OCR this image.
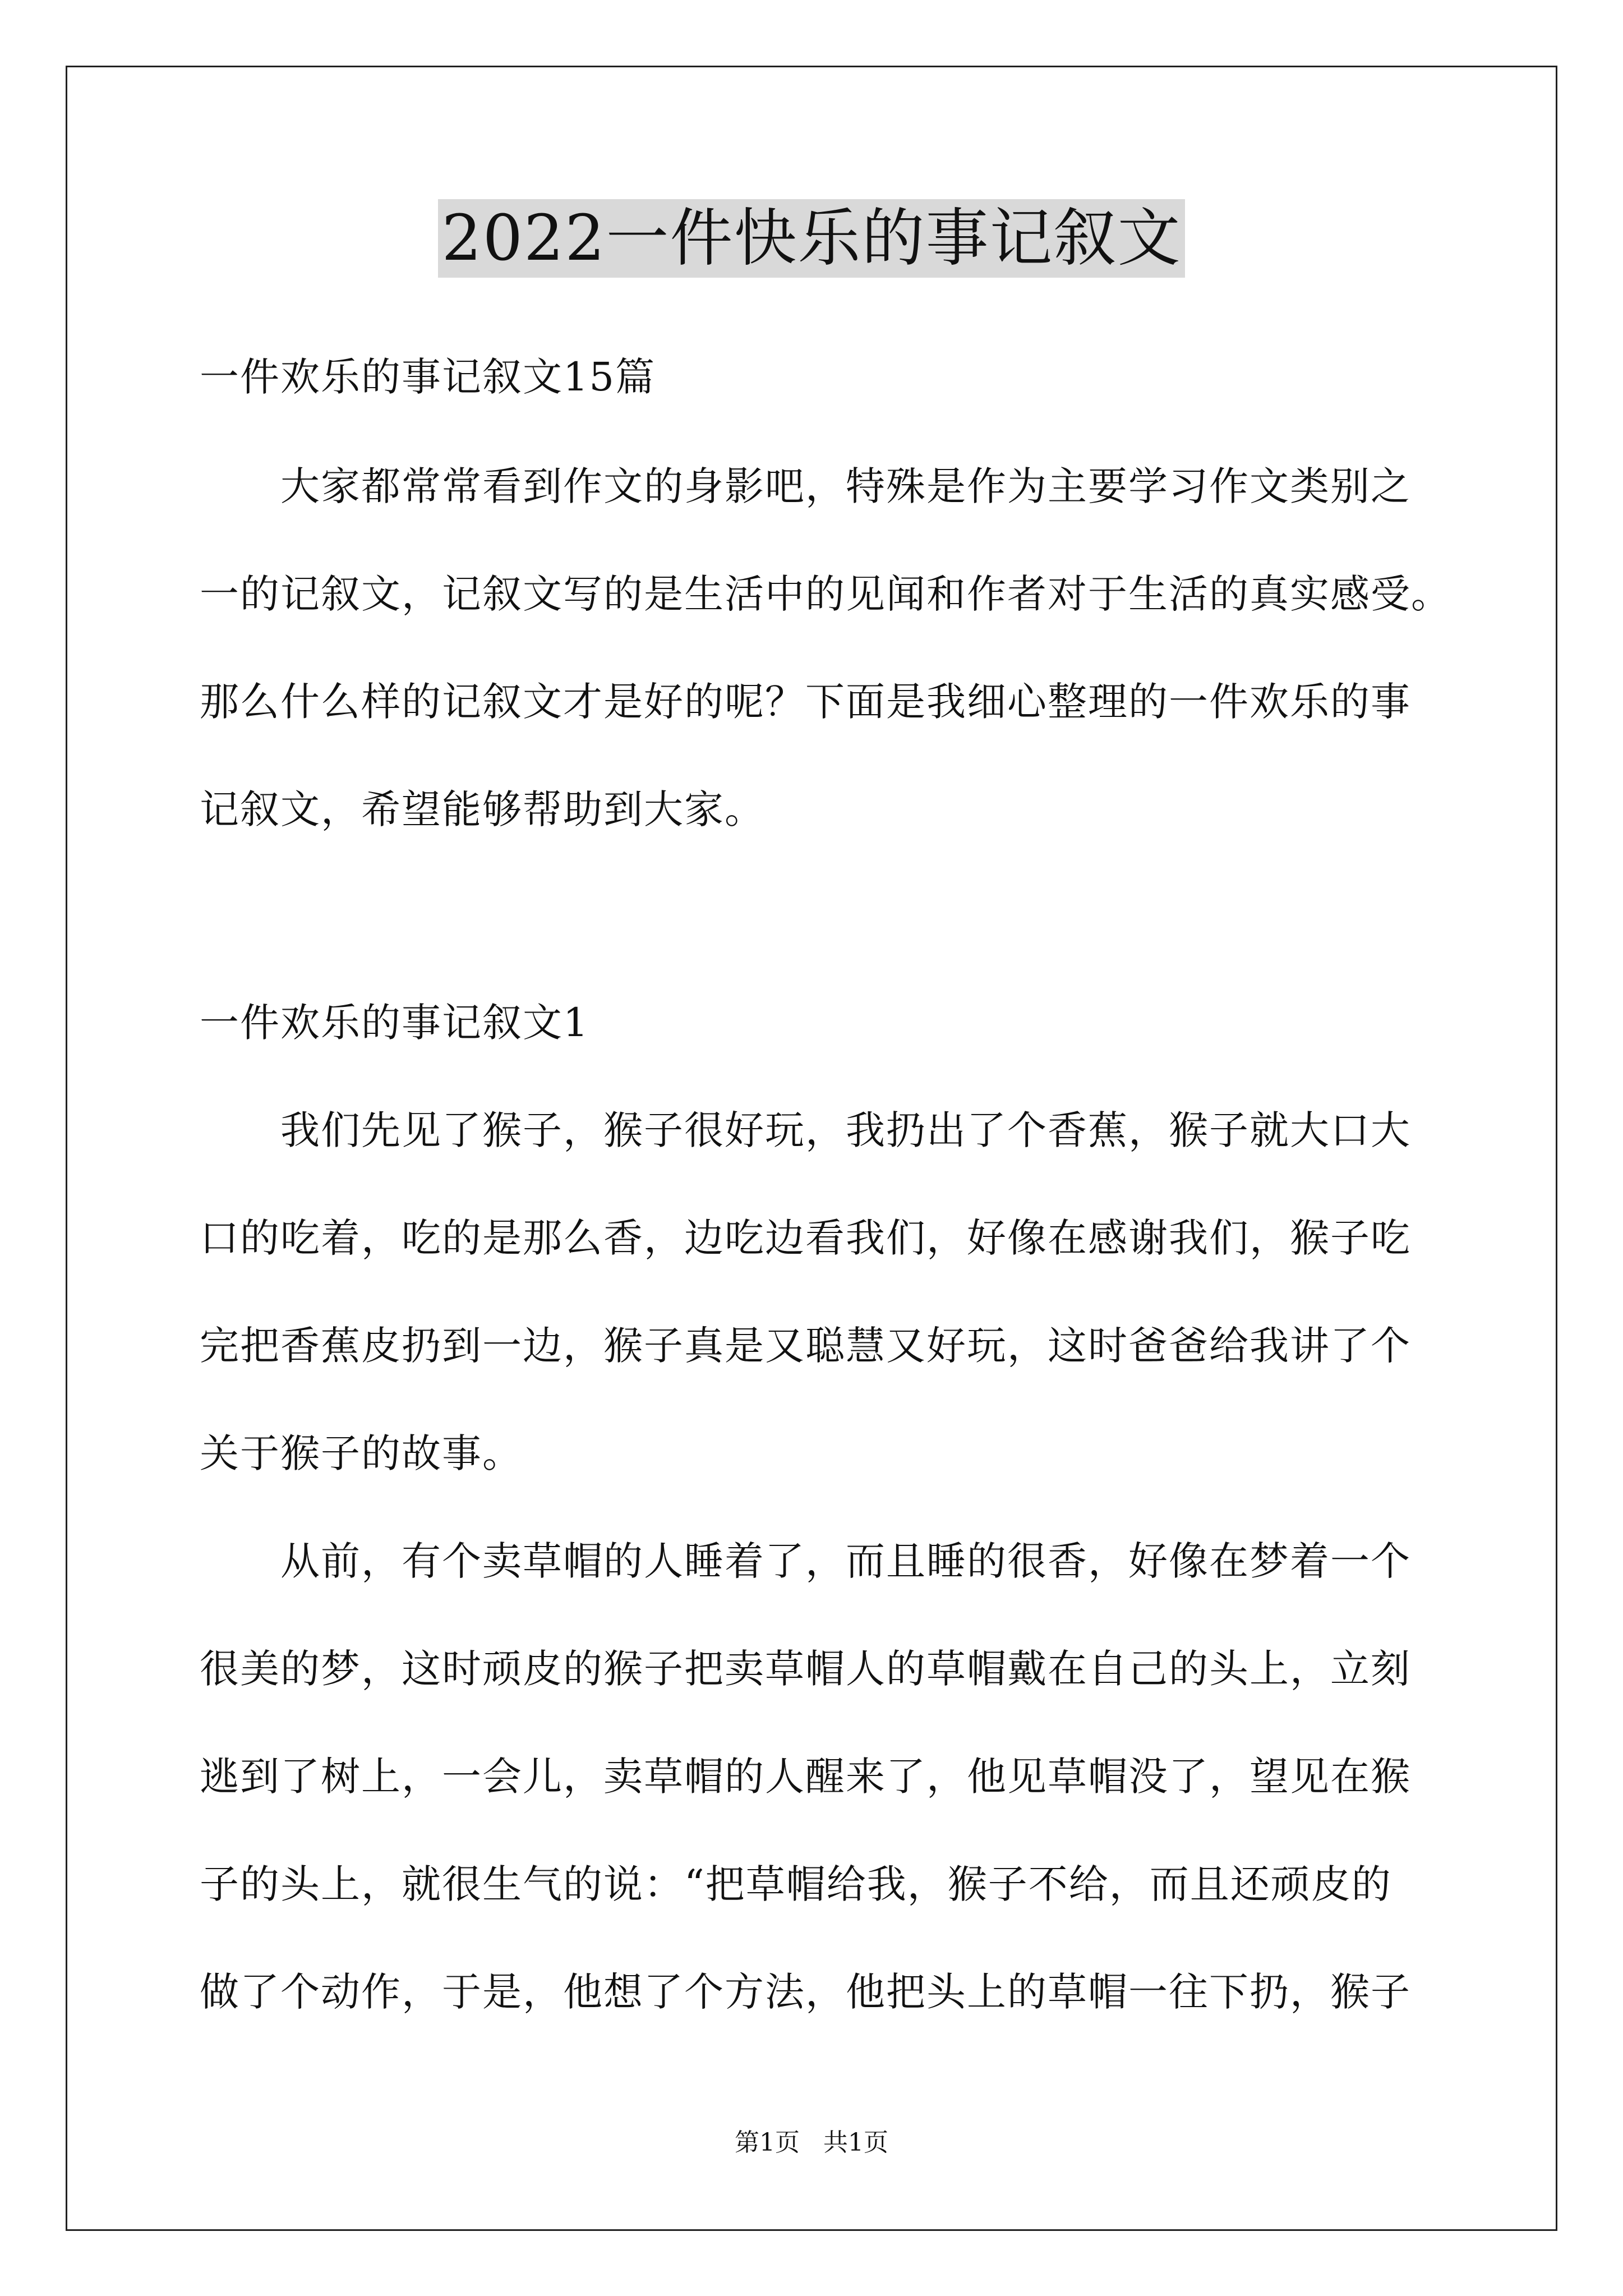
2022一件快乐的事记叙文
一件欢乐的事记叙文15篇
大家都常常看到作文的身影吧，特殊是作为主要学习作文类别之
一的记叙文，记叙文写的是生活中的见闻和作者对于生活的真实感受。
那么什么样的记叙文才是好的呢？下面是我细心整理的一件欢乐的事
记叙文，希望能够帮助到大家。
一件欢乐的事记叙文1
我们先见了猴子，猴子很好玩，我扔出了个香蕉，猴子就大口大
口的吃着，吃的是那么香，边吃边看我们，好像在感谢我们，猴子吃
完把香蕉皮扔到一边，猴子真是又聪慧又好玩，这时爸爸给我讲了个
关于猴子的故事。
从前，有个卖草帽的人睡着了，而且睡的很香，好像在梦着一个
很美的梦，这时顽皮的猴子把卖草帽人的草帽戴在自己的头上，立刻
逃到了树上，一会儿，卖草帽的人醒来了，他见草帽没了，望见在猴
子的头上，就很生气的说：“把草帽给我，猴子不给，而且还顽皮的
做了个动作，于是，他想了个方法，他把头上的草帽一往下扔，猴子
第1页   共1页
